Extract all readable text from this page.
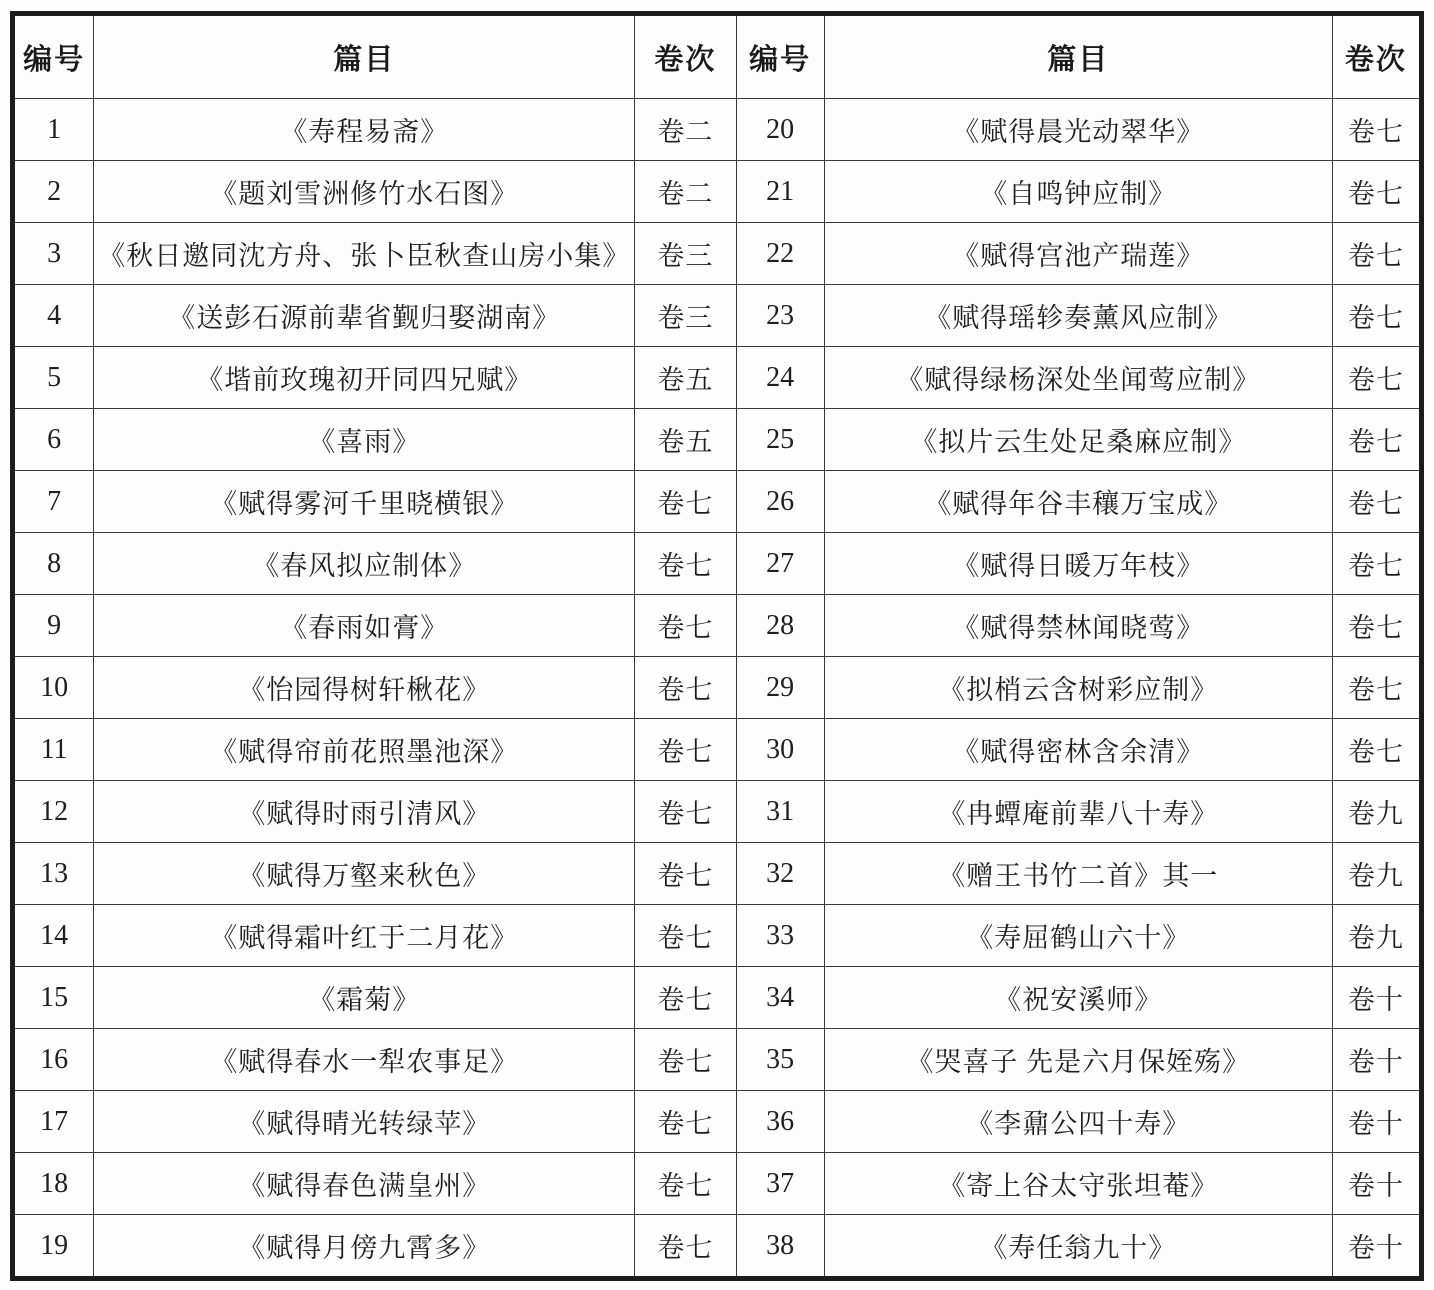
编号	篇目	卷次	编号	篇目	卷次
1	《寿程易斋》	卷二	20	《赋得晨光动翠华》	卷七
2	《题刘雪洲修竹水石图》	卷二	21	《自鸣钟应制》	卷七
3	《秋日邀同沈方舟、张卜臣秋查山房小集》	卷三	22	《赋得宫池产瑞莲》	卷七
4	《送彭石源前辈省觐归娶湖南》	卷三	23	《赋得瑶轸奏薰风应制》	卷七
5	《堦前玫瑰初开同四兄赋》	卷五	24	《赋得绿杨深处坐闻莺应制》	卷七
6	《喜雨》	卷五	25	《拟片云生处足桑麻应制》	卷七
7	《赋得雾河千里晓横银》	卷七	26	《赋得年谷丰穰万宝成》	卷七
8	《春风拟应制体》	卷七	27	《赋得日暖万年枝》	卷七
9	《春雨如膏》	卷七	28	《赋得禁林闻晓莺》	卷七
10	《怡园得树轩楸花》	卷七	29	《拟梢云含树彩应制》	卷七
11	《赋得帘前花照墨池深》	卷七	30	《赋得密林含余清》	卷七
12	《赋得时雨引清风》	卷七	31	《冉蟫庵前辈八十寿》	卷九
13	《赋得万壑来秋色》	卷七	32	《赠王书竹二首》其一	卷九
14	《赋得霜叶红于二月花》	卷七	33	《寿屈鹤山六十》	卷九
15	《霜菊》	卷七	34	《祝安溪师》	卷十
16	《赋得春水一犁农事足》	卷七	35	《哭喜子 先是六月保姪殇》	卷十
17	《赋得晴光转绿苹》	卷七	36	《李鼐公四十寿》	卷十
18	《赋得春色满皇州》	卷七	37	《寄上谷太守张坦菴》	卷十
19	《赋得月傍九霄多》	卷七	38	《寿任翁九十》	卷十
